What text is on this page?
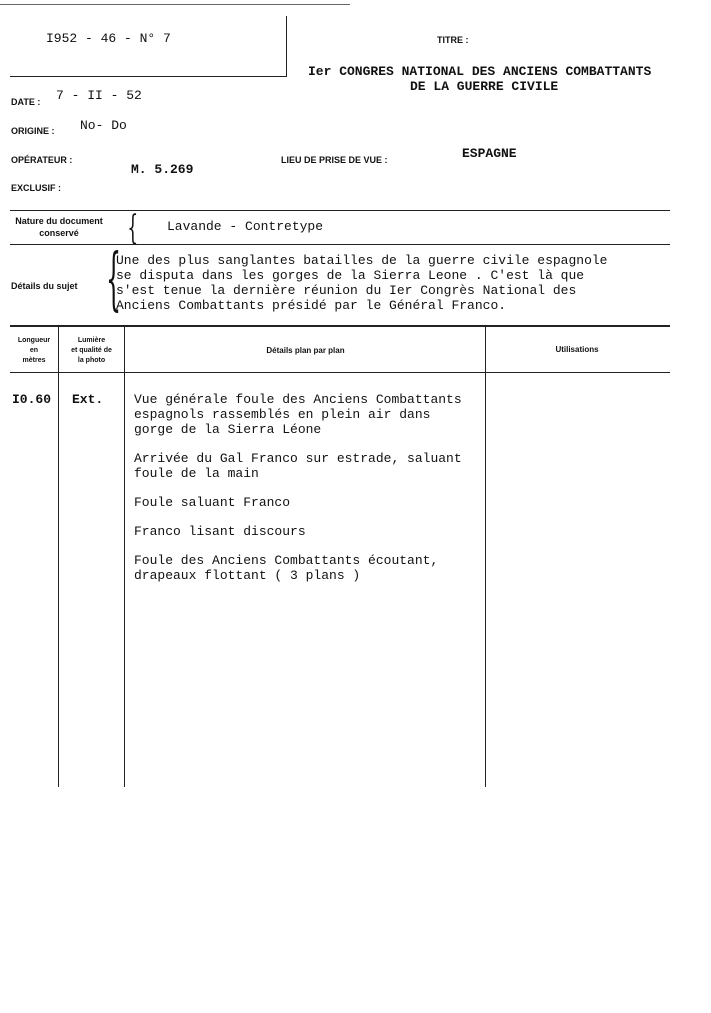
I952 - 46 - N° 7	TITRE :
Ier CONGRES NATIONAL DES ANCIENS COMBATTANTS
DE LA GUERRE CIVILE
DATE : 7 - II - 52
ORIGINE : No- Do
OPÉRATEUR :
M. 5.269
LIEU DE PRISE DE VUE :	ESPAGNE
EXCLUSIF :
Nature du document
conservé	{ Lavande - Contretype
Détails du sujet {
Une des plus sanglantes batailles de la guerre civile espagnole
se disputa dans les gorges de la Sierra Leone . C'est là que
s'est tenue la dernière réunion du Ier Congrès National des
Anciens Combattants présidé par le Général Franco.
Longueur
en
mètres
Lumière
et qualité de
la photo
Détails plan par plan	Utilisations
I0.60 Ext. Vue générale foule des Anciens Combattants
espagnols rassemblés en plein air dans
gorge de la Sierra Léone
Arrivée du Gal Franco sur estrade, saluant
foule de la main
Foule saluant Franco
Franco lisant discours
Foule des Anciens Combattants écoutant,
drapeaux flottant ( 3 plans )
